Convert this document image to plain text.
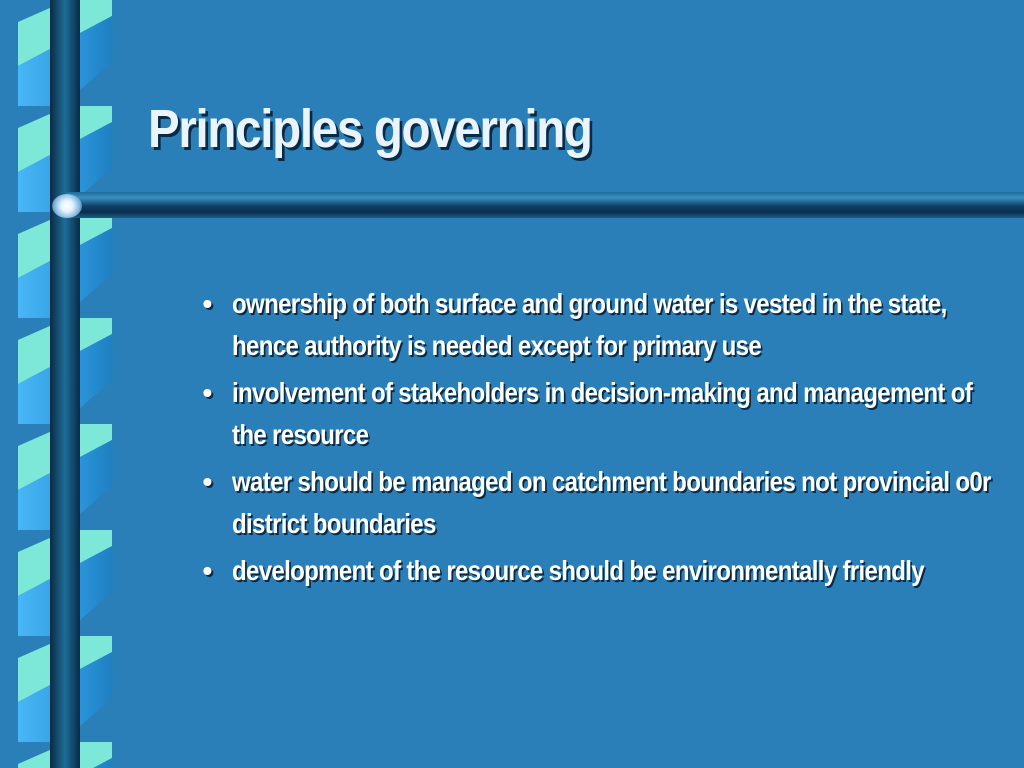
Principles governing
• ownership of both surface and ground water is vested in the state, hence authority is needed except for primary use
• involvement of stakeholders in decision-making and management of the resource
• water should be managed on catchment boundaries not provincial o0r district boundaries
• development of the resource should be environmentally friendly
